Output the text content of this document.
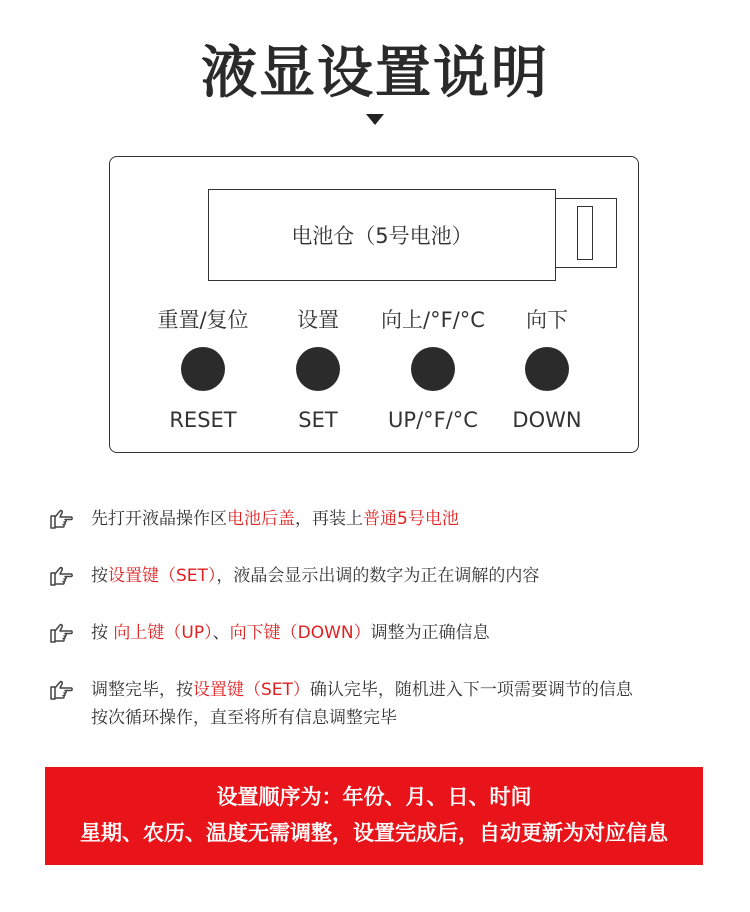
液显设置说明
电池仓（5号电池）
重置/复位
RESET
设置
SET
向上/°F/°C
UP/°F/°C
向下
DOWN
先打开液晶操作区电池后盖，再装上普通5号电池
按设置键（SET），液晶会显示出调的数字为正在调解的内容
按 向上键（UP）、向下键（DOWN）调整为正确信息
调整完毕，按设置键（SET）确认完毕，随机进入下一项需要调节的信息
按次循环操作，直至将所有信息调整完毕
设置顺序为：年份、月、日、时间
星期、农历、温度无需调整，设置完成后，自动更新为对应信息
